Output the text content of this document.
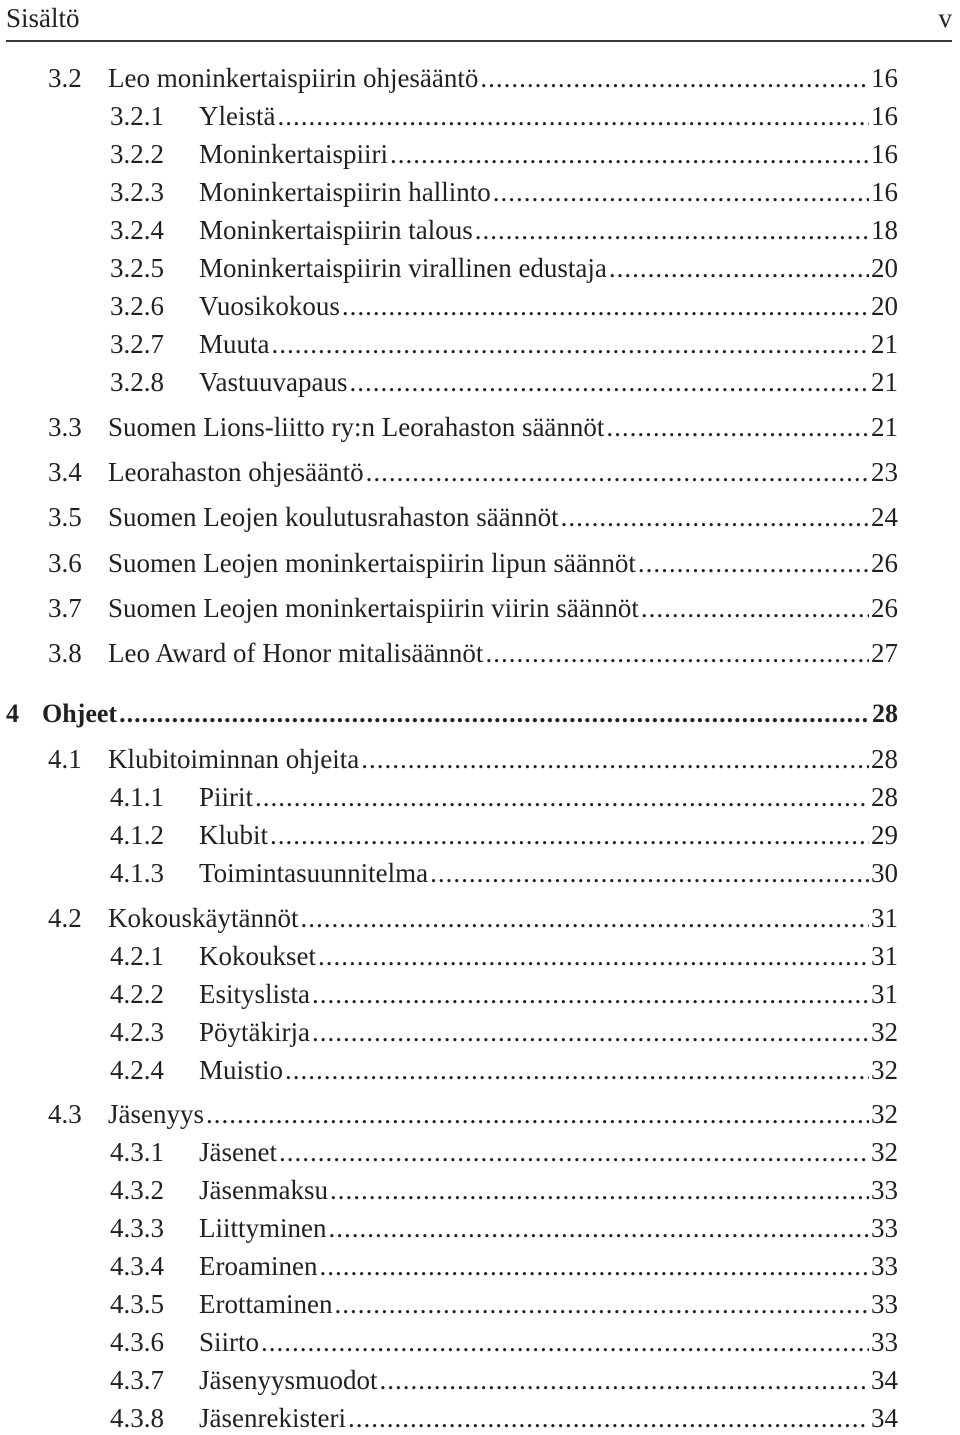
Sisältö	v
3.2 Leo moninkertaispiirin ohjesääntö .....	16
3.2.1	Yleistä .....	16
3.2.2	Moninkertaispiiri .....	16
3.2.3	Moninkertaispiirin hallinto .....	16
3.2.4	Moninkertaispiirin talous .....	18
3.2.5	Moninkertaispiirin virallinen edustaja .....	20
3.2.6	Vuosikokous .....	20
3.2.7	Muuta .....	21
3.2.8	Vastuuvapaus .....	21
3.3 Suomen Lions-liitto ry:n Leorahaston säännöt .....	21
3.4 Leorahaston ohjesääntö .....	23
3.5 Suomen Leojen koulutusrahaston säännöt .....	24
3.6 Suomen Leojen moninkertaispiirin lipun säännöt .....	26
3.7 Suomen Leojen moninkertaispiirin viirin säännöt .....	26
3.8 Leo Award of Honor mitalisäännöt .....	27
4 Ohjeet .....	28
4.1 Klubitoiminnan ohjeita .....	28
4.1.1	Piirit .....	28
4.1.2	Klubit .....	29
4.1.3	Toimintasuunnitelma .....	30
4.2 Kokouskäytännöt .....	31
4.2.1	Kokoukset .....	31
4.2.2	Esityslista .....	31
4.2.3	Pöytäkirja .....	32
4.2.4	Muistio .....	32
4.3 Jäsenyys .....	32
4.3.1	Jäsenet .....	32
4.3.2	Jäsenmaksu .....	33
4.3.3	Liittyminen .....	33
4.3.4	Eroaminen .....	33
4.3.5	Erottaminen .....	33
4.3.6	Siirto .....	33
4.3.7	Jäsenyysmuodot .....	34
4.3.8	Jäsenrekisteri .....	34
